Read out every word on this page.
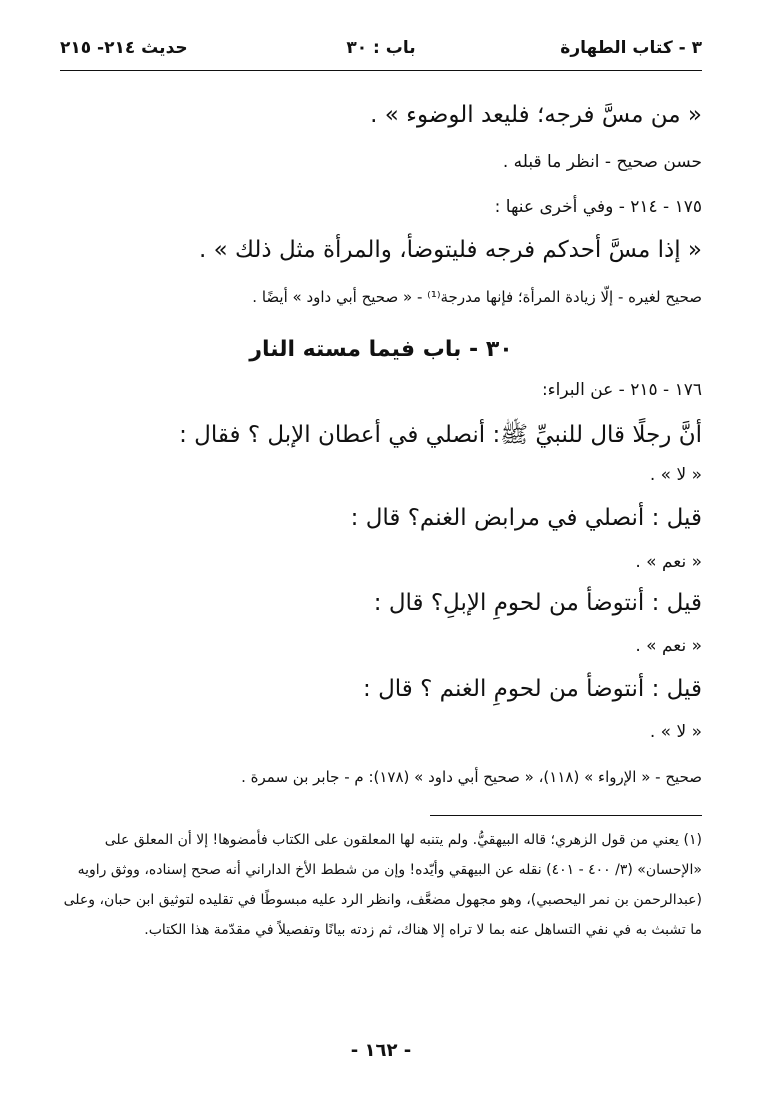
٣ - كتاب الطهارة
باب : ٣٠
حديث ٢١٤- ٢١٥
« من مسَّ فرجه؛ فليعد الوضوء » .
حسن صحيح - انظر ما قبله .
١٧٥ - ٢١٤ - وفي أخرى عنها :
« إذا مسَّ أحدكم فرجه فليتوضأ، والمرأة مثل ذلك » .
صحيح لغيره - إلّا زيادة المرأة؛ فإنها مدرجة⁽¹⁾ - « صحيح أبي داود » أيضًا .
٣٠ - باب فيما مسته النار
١٧٦ - ٢١٥ - عن البراء:
أنَّ رجلًا قال للنبيِّ ﷺ: أنصلي في أعطان الإبل ؟ فقال :
« لا » .
قيل : أنصلي في مرابض الغنم؟ قال :
« نعم » .
قيل : أنتوضأ من لحومِ الإبلِ؟ قال :
« نعم » .
قيل : أنتوضأ من لحومِ الغنم ؟ قال :
« لا » .
صحيح - « الإرواء » (١١٨)، « صحيح أبي داود » (١٧٨): م - جابر بن سمرة .
(١) يعني من قول الزهري؛ قاله البيهقيُّ. ولم يتنبه لها المعلقون على الكتاب فأمضوها! إلا أن المعلق على «الإحسان» (٣/ ٤٠٠ - ٤٠١) نقله عن البيهقي وأيّده! وإن من شطط الأخ الداراني أنه صحح إسناده، ووثق راويه (عبدالرحمن بن نمر اليحصبي)، وهو مجهول مضعَّف، وانظر الرد عليه مبسوطًا في تقليده لتوثيق ابن حبان، وعلى ما تشبث به في نفي التساهل عنه بما لا تراه إلا هناك، ثم زدته بيانًا وتفصيلاً في مقدّمة هذا الكتاب.
- ١٦٢ -
